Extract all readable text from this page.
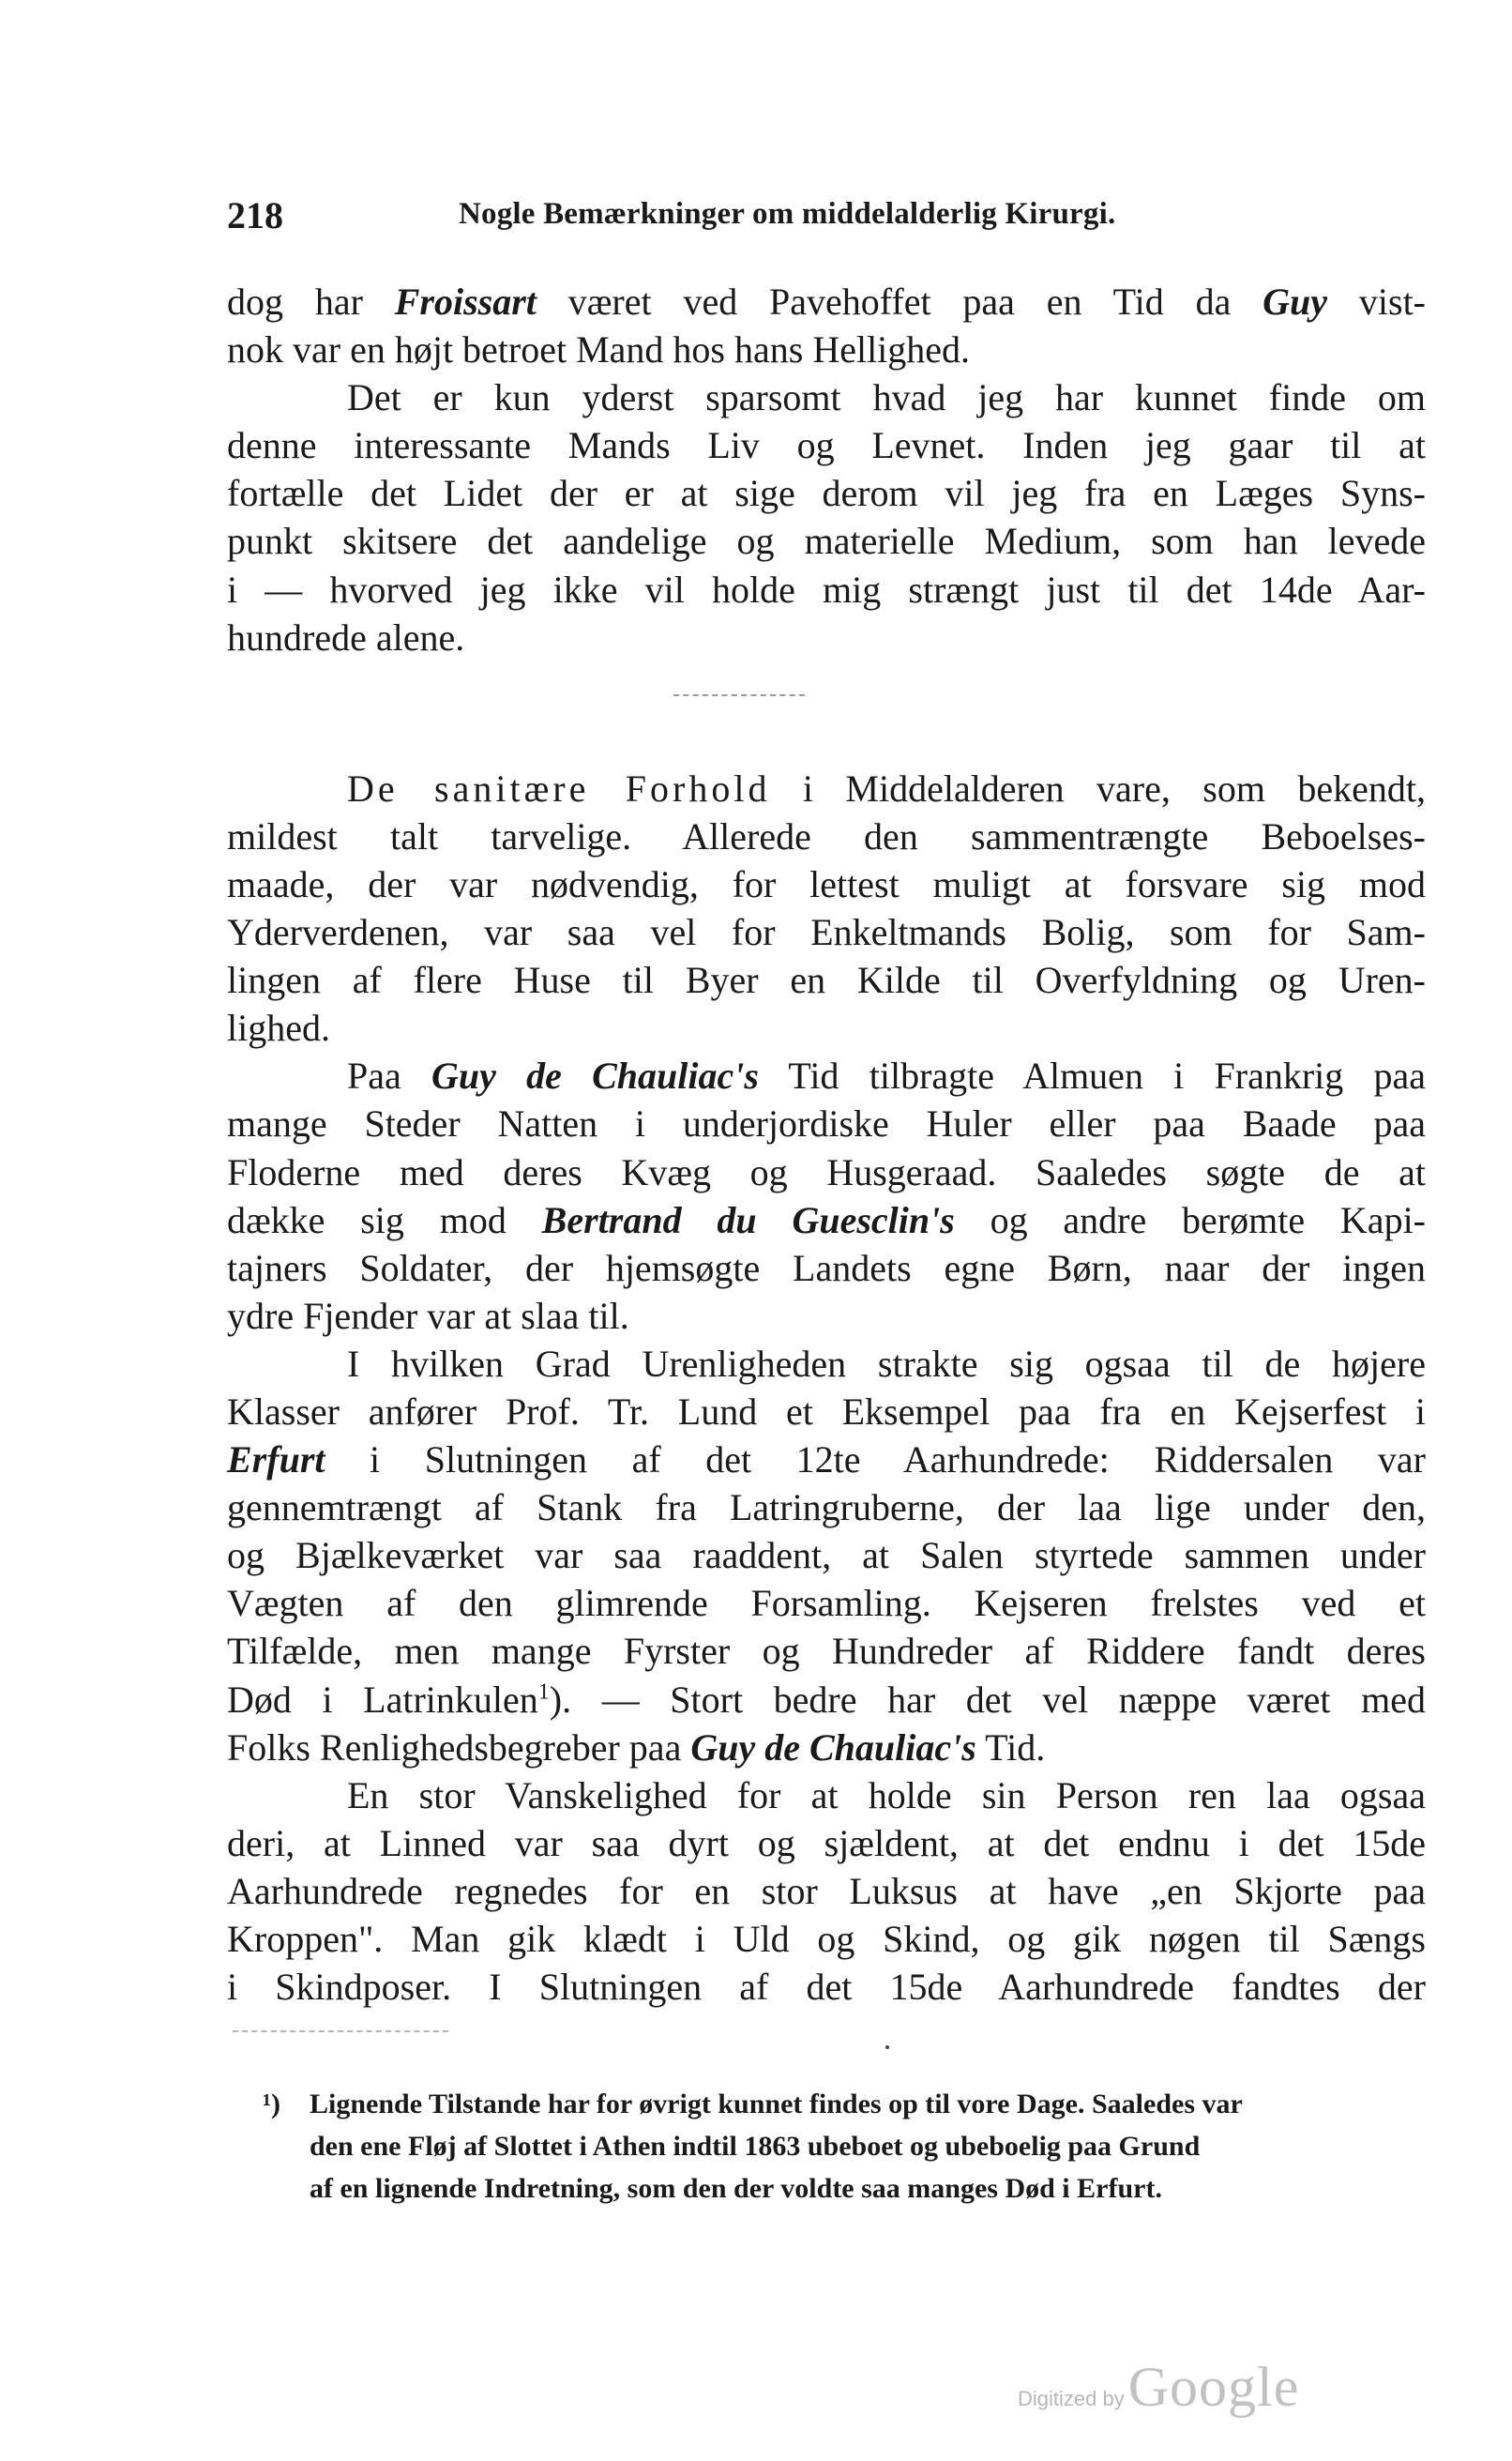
218	Nogle Bemærkninger om middelalderlig Kirurgi.
dog har Froissart været ved Pavehoffet paa en Tid da Guy vist-
nok var en højt betroet Mand hos hans Hellighed.
Det er kun yderst sparsomt hvad jeg har kunnet finde om
denne interessante Mands Liv og Levnet. Inden jeg gaar til at
fortælle det Lidet der er at sige derom vil jeg fra en Læges Syns-
punkt skitsere det aandelige og materielle Medium, som han levede
i — hvorved jeg ikke vil holde mig strængt just til det 14de Aar-
hundrede alene.
De sanitære Forhold i Middelalderen vare, som bekendt,
mildest talt tarvelige. Allerede den sammentrængte Beboelses-
maade, der var nødvendig, for lettest muligt at forsvare sig mod
Yderverdenen, var saa vel for Enkeltmands Bolig, som for Sam-
lingen af flere Huse til Byer en Kilde til Overfyldning og Uren-
lighed.
Paa Guy de Chauliac's Tid tilbragte Almuen i Frankrig paa
mange Steder Natten i underjordiske Huler eller paa Baade paa
Floderne med deres Kvæg og Husgeraad. Saaledes søgte de at
dække sig mod Bertrand du Guesclin's og andre berømte Kapi-
tajners Soldater, der hjemsøgte Landets egne Børn, naar der ingen
ydre Fjender var at slaa til.
I hvilken Grad Urenligheden strakte sig ogsaa til de højere
Klasser anfører Prof. Tr. Lund et Eksempel paa fra en Kejserfest i
Erfurt i Slutningen af det 12te Aarhundrede: Riddersalen var
gennemtrængt af Stank fra Latringruberne, der laa lige under den,
og Bjælkeværket var saa raaddent, at Salen styrtede sammen under
Vægten af den glimrende Forsamling. Kejseren frelstes ved et
Tilfælde, men mange Fyrster og Hundreder af Riddere fandt deres
Død i Latrinkulen$^1$). — Stort bedre har det vel næppe været med
Folks Renlighedsbegreber paa Guy de Chauliac's Tid.
En stor Vanskelighed for at holde sin Person ren laa ogsaa
deri, at Linned var saa dyrt og sjældent, at det endnu i det 15de
Aarhundrede regnedes for en stor Luksus at have „en Skjorte paa
Kroppen". Man gik klædt i Uld og Skind, og gik nøgen til Sængs
i Skindposer. I Slutningen af det 15de Aarhundrede fandtes der
¹)	Lignende Tilstande har for øvrigt kunnet findes op til vore Dage. Saaledes var
den ene Fløj af Slottet i Athen indtil 1863 ubeboet og ubeboelig paa Grund
af en lignende Indretning, som den der voldte saa manges Død i Erfurt.
Digitized by Google
